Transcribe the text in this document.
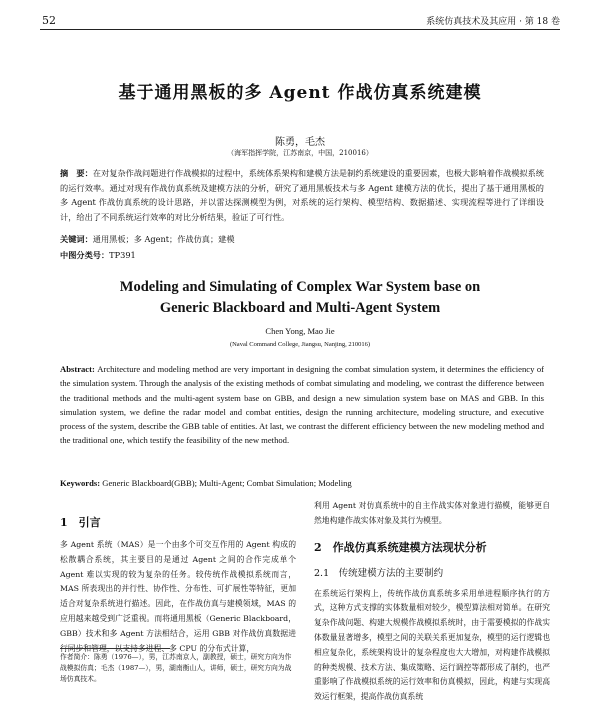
52	系统仿真技术及其应用 · 第 18 卷
基于通用黑板的多 Agent 作战仿真系统建模
陈勇，毛杰
（海军指挥学院，江苏南京，中国，210016）
摘　要：在对复杂作战问题进行作战模拟的过程中，系统体系架构和建模方法是制约系统建设的重要因素，也极大影响着作战模拟系统的运行效率。通过对现有作战仿真系统及建模方法的分析，研究了通用黑板技术与多 Agent 建模方法的优长，提出了基于通用黑板的多 Agent 作战仿真系统的设计思路，并以雷达探测模型为例，对系统的运行架构、模型结构、数据描述、实现流程等进行了详细设计，给出了不同系统运行效率的对比分析结果，验证了可行性。
关键词：通用黑板；多 Agent；作战仿真；建模
中图分类号：TP391
Modeling and Simulating of Complex War System base on
Generic Blackboard and Multi-Agent System
Chen Yong, Mao Jie
(Naval Command College, Jiangsu, Nanjing, 210016)
Abstract: Architecture and modeling method are very important in designing the combat simulation system, it determines the efficiency of the simulation system. Through the analysis of the existing methods of combat simulating and modeling, we contrast the difference between the traditional methods and the multi-agent system base on GBB, and design a new simulation system base on MAS and GBB. In this simulation system, we define the radar model and combat entities, design the running architecture, modeling structure, and executive process of the system, describe the GBB table of entities. At last, we contrast the different efficiency between the new modeling method and the traditional one, which testify the feasibility of the new method.
Keywords: Generic Blackboard(GBB); Multi-Agent; Combat Simulation; Modeling
1　引言

多 Agent 系统（MAS）是一个由多个可交互作用的 Agent 构成的松散耦合系统，其主要目的是通过 Agent 之间的合作完成单个 Agent 难以实现的较为复杂的任务。较传统作战模拟系统而言，MAS 所表现出的并行性、协作性、分布性、可扩展性等特征，更加适合对复杂系统进行描述。因此，在作战仿真与建模领域，MAS 的应用越来越受到广泛重视。而将通用黑板（Generic Blackboard，GBB）技术和多 Agent 方法相结合，运用 GBB 对作战仿真数据进行同步和管理，以支持多进程、多 CPU 的分布式计算，

利用 Agent 对仿真系统中的自主作战实体对象进行描模，能够更自然地构建作战实体对象及其行为模型。

2　作战仿真系统建模方法现状分析
2.1　传统建模方法的主要制约

在系统运行架构上，传统作战仿真系统多采用单进程顺序执行的方式，这种方式支撑的实体数量相对较少，模型算法相对简单。在研究复杂作战问题、构建大规模作战模拟系统时，由于需要模拟的作战实体数量显著增多，模型之间的关联关系更加复杂，模型的运行逻辑也相应复杂化，系统架构设计的复杂程度也大大增加，对构建作战模拟的种类规模、技术方法、集成策略、运行调控等都形成了制约，也严重影响了作战模拟系统的运行效率和仿真模拟，因此，构建与实现高效运行框架，提高作战仿真系统

作者简介：陈勇（1976—），男，江苏南京人，副教授，硕士，研究方向为作战模拟仿真；毛杰（1987—），男，湖南衡山人，讲师，硕士，研究方向为战场仿真技术。
